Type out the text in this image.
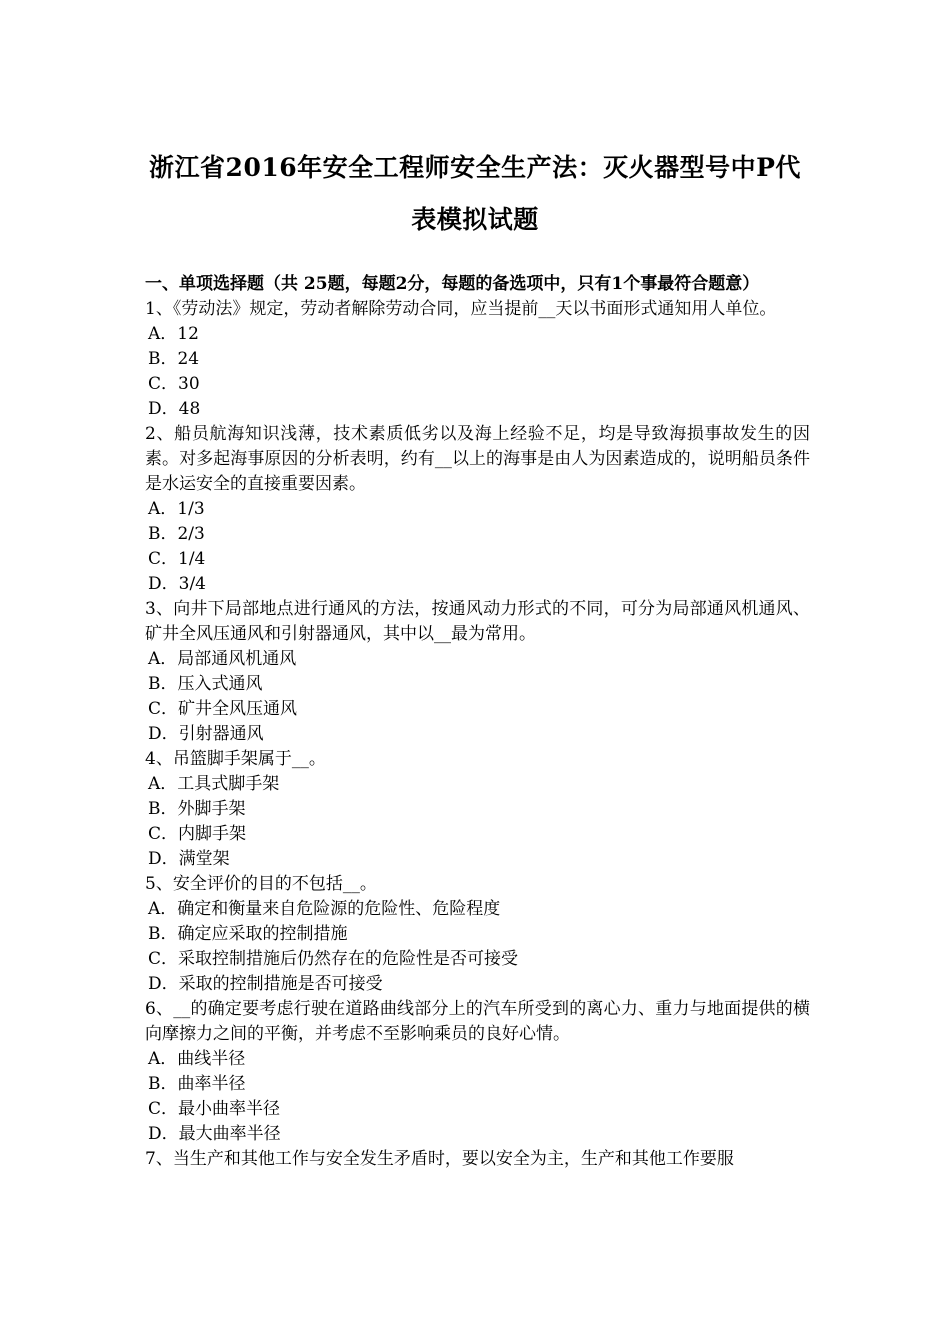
浙江省2016年安全工程师安全生产法：灭火器型号中P代
表模拟试题

一、单项选择题（共 25题，每题2分，每题的备选项中，只有1个事最符合题意）

1、《劳动法》规定，劳动者解除劳动合同，应当提前__天以书面形式通知用人单位。

A．12

B．24

C．30

D．48

2、船员航海知识浅薄，技术素质低劣以及海上经验不足，均是导致海损事故发生的因素。对多起海事原因的分析表明，约有__以上的海事是由人为因素造成的，说明船员条件是水运安全的直接重要因素。

A．1/3

B．2/3

C．1/4

D．3/4

3、向井下局部地点进行通风的方法，按通风动力形式的不同，可分为局部通风机通风、矿井全风压通风和引射器通风，其中以__最为常用。

A．局部通风机通风

B．压入式通风

C．矿井全风压通风

D．引射器通风

4、吊篮脚手架属于__。

A．工具式脚手架

B．外脚手架

C．内脚手架

D．满堂架

5、安全评价的目的不包括__。

A．确定和衡量来自危险源的危险性、危险程度

B．确定应采取的控制措施

C．采取控制措施后仍然存在的危险性是否可接受

D．采取的控制措施是否可接受

6、__的确定要考虑行驶在道路曲线部分上的汽车所受到的离心力、重力与地面提供的横向摩擦力之间的平衡，并考虑不至影响乘员的良好心情。

A．曲线半径

B．曲率半径

C．最小曲率半径

D．最大曲率半径

7、当生产和其他工作与安全发生矛盾时，要以安全为主，生产和其他工作要服
